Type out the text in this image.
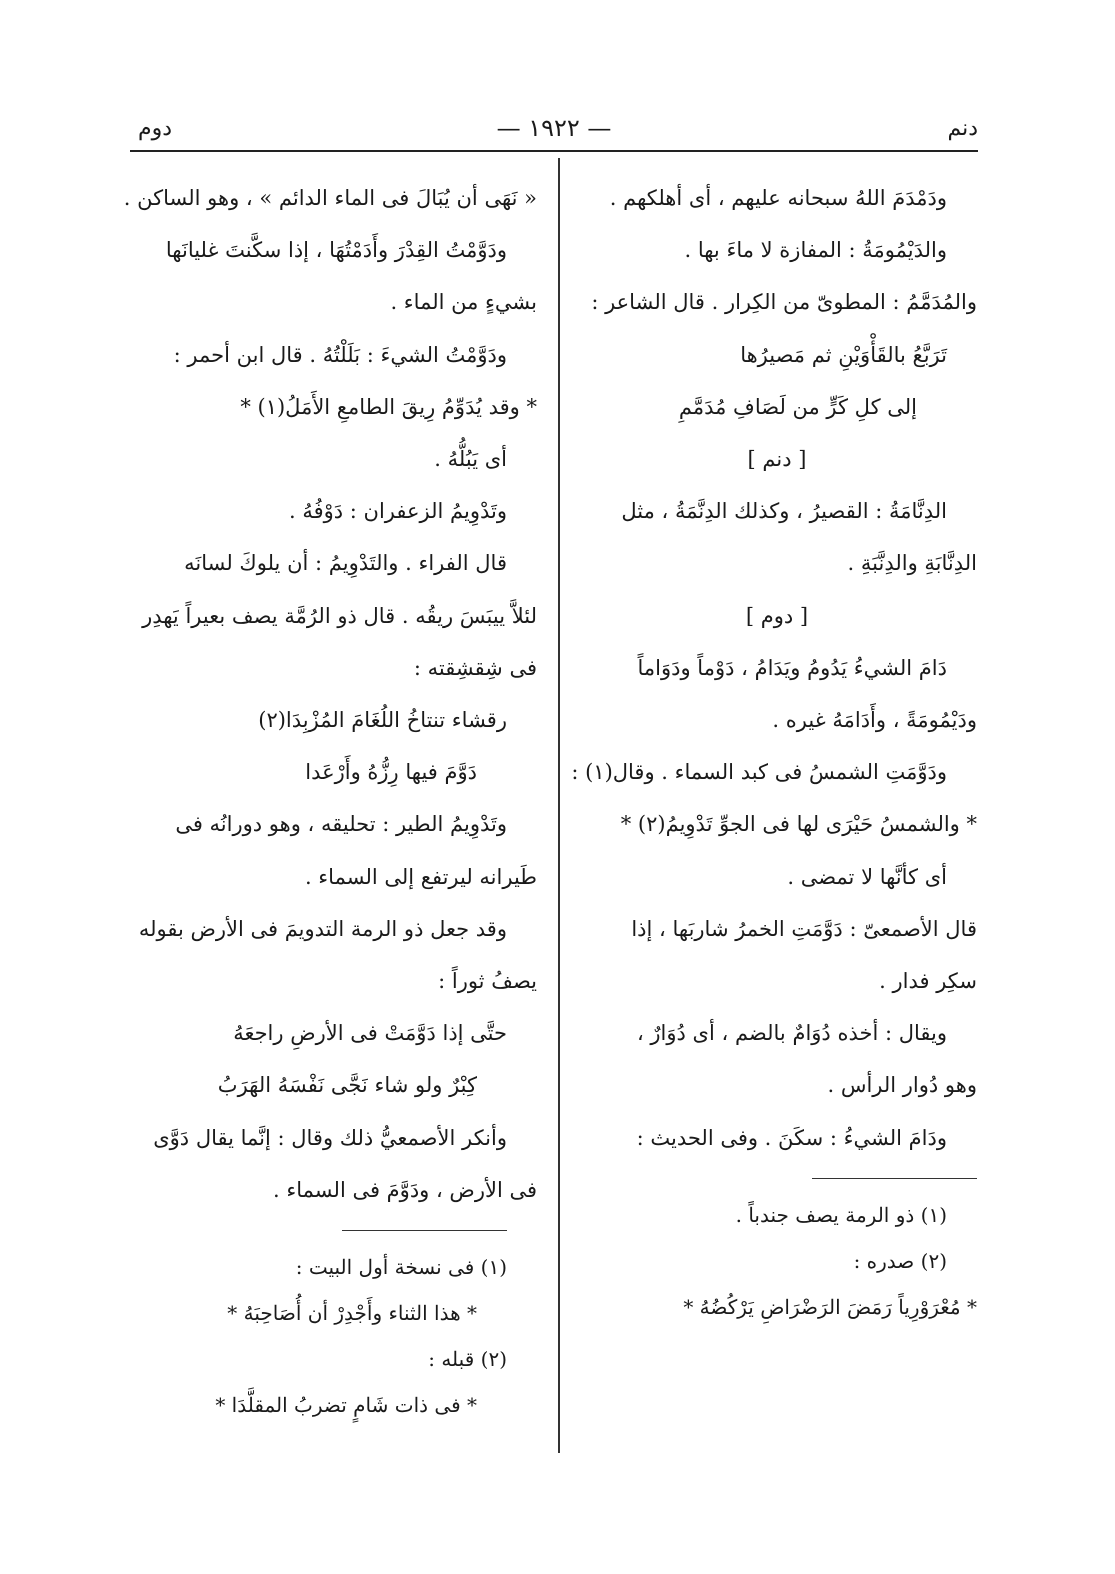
دنم
— ١٩٢٢ —
دوم
ودَمْدَمَ اللهُ سبحانه عليهم ، أى أهلكهم .
والدَيْمُومَةُ : المفازة لا ماءَ بها .
والمُدَمَّمُ : المطوىّ من الكِرار . قال الشاعر :
تَرَبَّعُ بالقَأْوَيْنِ ثم مَصيرُها
إلى كلِ كَرٍّ من لَصَافِ مُدَمَّمِ
[ دنم ]
الدِنَّامَةُ : القصيرُ ، وكذلك الدِنَّمَةُ ، مثل
الدِنَّابَةِ والدِنَّبَةِ .
[ دوم ]
دَامَ الشيءُ يَدُومُ ويَدَامُ ، دَوْماً ودَوَاماً
ودَيْمُومَةً ، وأَدَامَهُ غيره .
ودَوَّمَتِ الشمسُ فى كبد السماء . وقال(١) :
* والشمسُ حَيْرَى لها فى الجوِّ تَدْوِيمُ(٢) *
أى كأنَّها لا تمضى .
قال الأصمعىّ : دَوَّمَتِ الخمرُ شاربَها ، إذا
سكِر فدار .
ويقال : أخذه دُوَامٌ بالضم ، أى دُوَارٌ ،
وهو دُوار الرأس .
ودَامَ الشيءُ : سكَنَ . وفى الحديث :
(١) ذو الرمة يصف جندباً .
(٢) صدره :
* مُعْرَوْرِياً رَمَضَ الرَضْرَاضِ يَرْكُضُهُ *
« نَهَى أن يُبَالَ فى الماء الدائم » ، وهو الساكن .
ودَوَّمْتُ القِدْرَ وأَدَمْتُهَا ، إذا سكَّنتَ غليانَها
بشيءٍ من الماء .
ودَوَّمْتُ الشيءَ : بَلَلْتُهُ . قال ابن أحمر :
* وقد يُدَوِّمُ رِيقَ الطامعِ الأَمَلُ(١) *
أى يَبُلُّهُ .
وتَدْوِيمُ الزعفران : دَوْفُهُ .
قال الفراء . والتَدْوِيمُ : أن يلوكَ لسانَه
لئلاَّ ييبَسَ ريقُه . قال ذو الرُمَّة يصف بعيراً يَهدِر
فى شِقشِقته :
رقشاء تنتاخُ اللُغَامَ المُزْبِدَا(٢)
دَوَّمَ فيها رِزُّهُ وأَرْعَدا
وتَدْوِيمُ الطير : تحليقه ، وهو دورانُه فى
طَيرانه ليرتفع إلى السماء .
وقد جعل ذو الرمة التدويمَ فى الأرض بقوله
يصفُ ثوراً :
حتَّى إذا دَوَّمَتْ فى الأرضِ راجعَهُ
كِبْرٌ ولو شاء نَجَّى نَفْسَهُ الهَرَبُ
وأنكر الأصمعيُّ ذلك وقال : إنَّما يقال دَوَّى
فى الأرض ، ودَوَّمَ فى السماء .
(١) فى نسخة أول البيت :
* هذا الثناء وأَجْدِرْ أن أُصَاحِبَهُ *
(٢) قبله :
* فى ذات شَامٍ تضربُ المقلَّدَا *
